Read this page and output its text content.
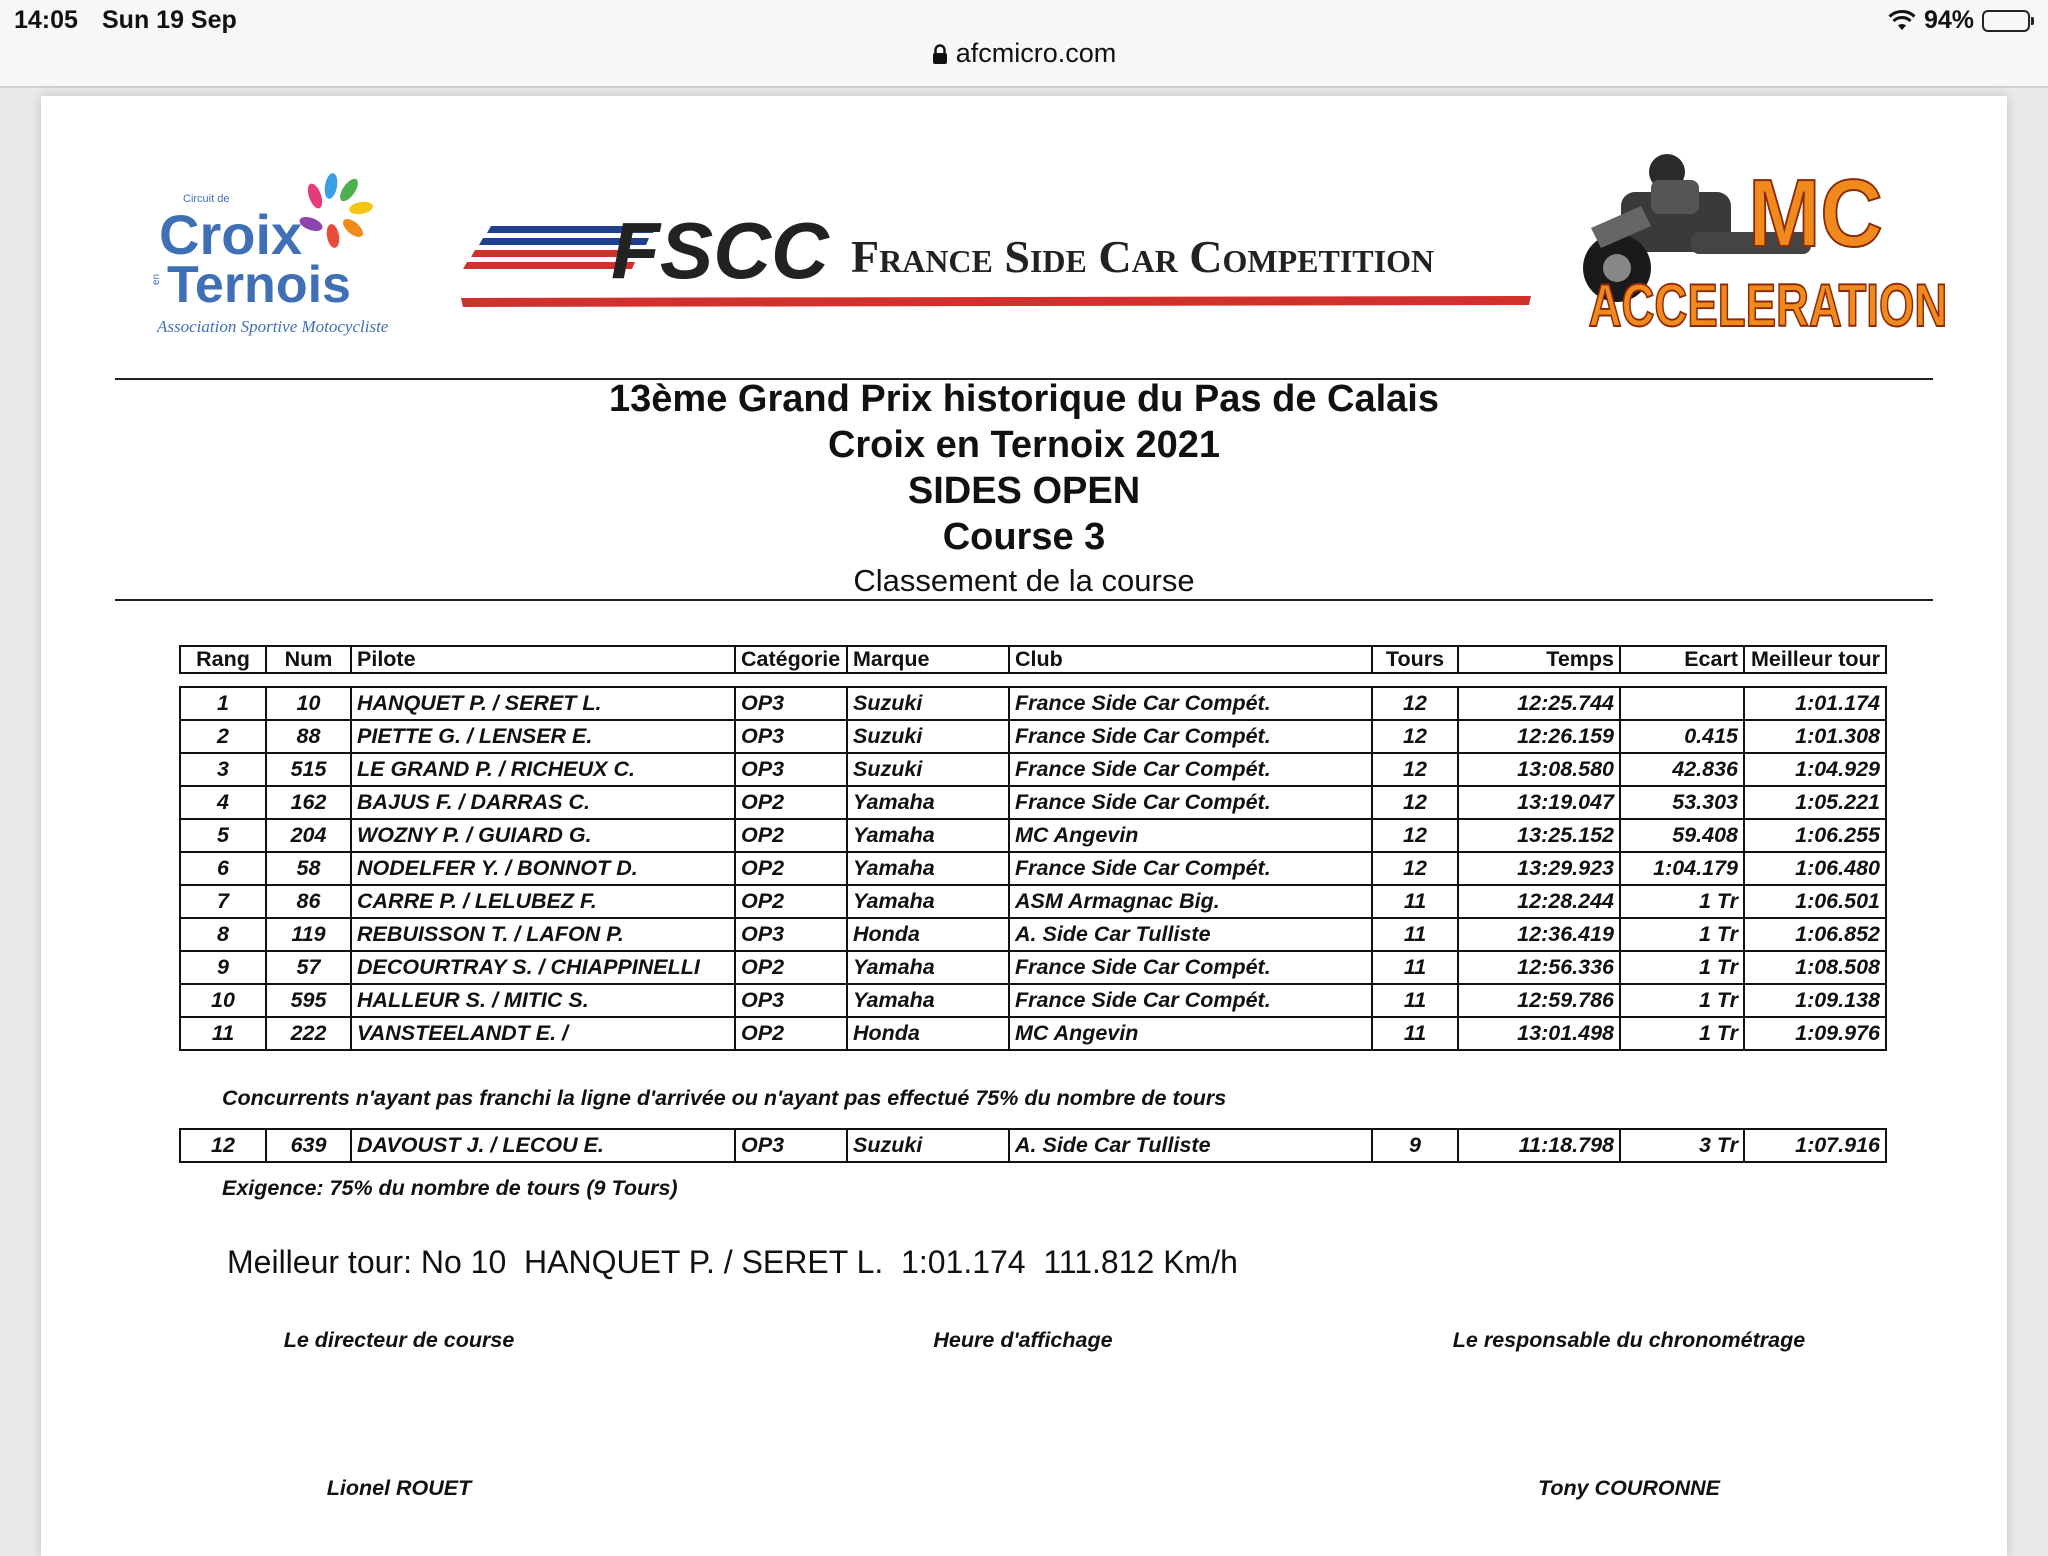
14:05 Sun 19 Sep	94%
afcmicro.com
Circuit de
Croix
en Ternois
Association Sportive Motocycliste
FSCC France Side Car Competition	MC
ACCELERATION
13ème Grand Prix historique du Pas de Calais
Croix en Ternoix 2021
SIDES OPEN
Course 3
Classement de la course
Rang	Num	Pilote	Catégorie	Marque	Club	Tours	Temps	Ecart	Meilleur tour
1	10	HANQUET P. / SERET L.	OP3	Suzuki	France Side Car Compét.	12	12:25.744		1:01.174
2	88	PIETTE G. / LENSER E.	OP3	Suzuki	France Side Car Compét.	12	12:26.159	0.415	1:01.308
3	515	LE GRAND P. / RICHEUX C.	OP3	Suzuki	France Side Car Compét.	12	13:08.580	42.836	1:04.929
4	162	BAJUS F. / DARRAS C.	OP2	Yamaha	France Side Car Compét.	12	13:19.047	53.303	1:05.221
5	204	WOZNY P. / GUIARD G.	OP2	Yamaha	MC Angevin	12	13:25.152	59.408	1:06.255
6	58	NODELFER Y. / BONNOT D.	OP2	Yamaha	France Side Car Compét.	12	13:29.923	1:04.179	1:06.480
7	86	CARRE P. / LELUBEZ F.	OP2	Yamaha	ASM Armagnac Big.	11	12:28.244	1 Tr	1:06.501
8	119	REBUISSON T. / LAFON P.	OP3	Honda	A. Side Car Tulliste	11	12:36.419	1 Tr	1:06.852
9	57	DECOURTRAY S. / CHIAPPINELLI	OP2	Yamaha	France Side Car Compét.	11	12:56.336	1 Tr	1:08.508
10	595	HALLEUR S. / MITIC S.	OP3	Yamaha	France Side Car Compét.	11	12:59.786	1 Tr	1:09.138
11	222	VANSTEELANDT E. /	OP2	Honda	MC Angevin	11	13:01.498	1 Tr	1:09.976
Concurrents n'ayant pas franchi la ligne d'arrivée ou n'ayant pas effectué 75% du nombre de tours
12	639	DAVOUST J. / LECOU E.	OP3	Suzuki	A. Side Car Tulliste	9	11:18.798	3 Tr	1:07.916
Exigence: 75% du nombre de tours (9 Tours)
Meilleur tour: No 10  HANQUET P. / SERET L.  1:01.174  111.812 Km/h
Le directeur de course	Heure d'affichage	Le responsable du chronométrage
Lionel ROUET	Tony COURONNE
